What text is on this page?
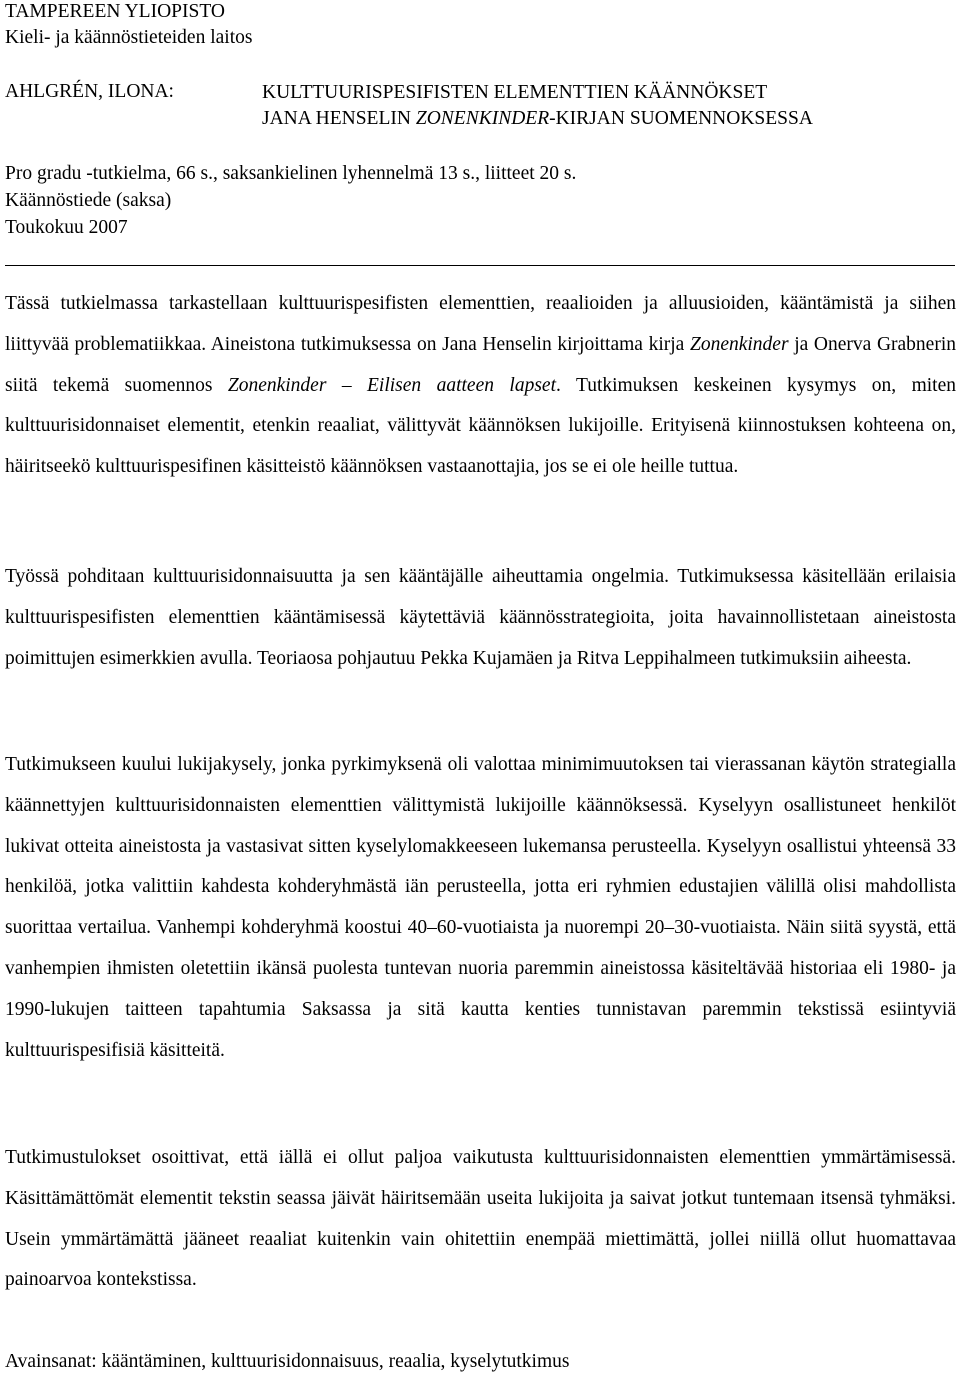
TAMPEREEN YLIOPISTO
Kieli- ja käännöstieteiden laitos
AHLGRÉN, ILONA:	KULTTUURISPESIFISTEN ELEMENTTIEN KÄÄNNÖKSET
JANA HENSELIN ZONENKINDER-KIRJAN SUOMENNOKSESSA
Pro gradu -tutkielma, 66 s., saksankielinen lyhennelmä 13 s., liitteet 20 s.
Käännöstiede (saksa)
Toukokuu 2007

Tässä tutkielmassa tarkastellaan kulttuurispesifisten elementtien, reaalioiden ja alluusioiden, kääntämistä ja siihen liittyvää problematiikkaa. Aineistona tutkimuksessa on Jana Henselin kirjoittama kirja Zonenkinder ja Onerva Grabnerin siitä tekemä suomennos Zonenkinder – Eilisen aatteen lapset. Tutkimuksen keskeinen kysymys on, miten kulttuurisidonnaiset elementit, etenkin reaaliat, välittyvät käännöksen lukijoille. Erityisenä kiinnostuksen kohteena on, häiritseekö kulttuurispesifinen käsitteistö käännöksen vastaanottajia, jos se ei ole heille tuttua.

Työssä pohditaan kulttuurisidonnaisuutta ja sen kääntäjälle aiheuttamia ongelmia. Tutkimuksessa käsitellään erilaisia kulttuurispesifisten elementtien kääntämisessä käytettäviä käännösstrategioita, joita havainnollistetaan aineistosta poimittujen esimerkkien avulla. Teoriaosa pohjautuu Pekka Kujamäen ja Ritva Leppihalmeen tutkimuksiin aiheesta.

Tutkimukseen kuului lukijakysely, jonka pyrkimyksenä oli valottaa minimimuutoksen tai vierassanan käytön strategialla käännettyjen kulttuurisidonnaisten elementtien välittymistä lukijoille käännöksessä. Kyselyyn osallistuneet henkilöt lukivat otteita aineistosta ja vastasivat sitten kyselylomakkeeseen lukemansa perusteella. Kyselyyn osallistui yhteensä 33 henkilöä, jotka valittiin kahdesta kohderyhmästä iän perusteella, jotta eri ryhmien edustajien välillä olisi mahdollista suorittaa vertailua. Vanhempi kohderyhmä koostui 40–60-vuotiaista ja nuorempi 20–30-vuotiaista. Näin siitä syystä, että vanhempien ihmisten oletettiin ikänsä puolesta tuntevan nuoria paremmin aineistossa käsiteltävää historiaa eli 1980- ja 1990-lukujen taitteen tapahtumia Saksassa ja sitä kautta kenties tunnistavan paremmin tekstissä esiintyviä kulttuurispesifisiä käsitteitä.

Tutkimustulokset osoittivat, että iällä ei ollut paljoa vaikutusta kulttuurisidonnaisten elementtien ymmärtämisessä. Käsittämättömät elementit tekstin seassa jäivät häiritsemään useita lukijoita ja saivat jotkut tuntemaan itsensä tyhmäksi. Usein ymmärtämättä jääneet reaaliat kuitenkin vain ohitettiin enempää miettimättä, jollei niillä ollut huomattavaa painoarvoa kontekstissa.

Avainsanat: kääntäminen, kulttuurisidonnaisuus, reaalia, kyselytutkimus
